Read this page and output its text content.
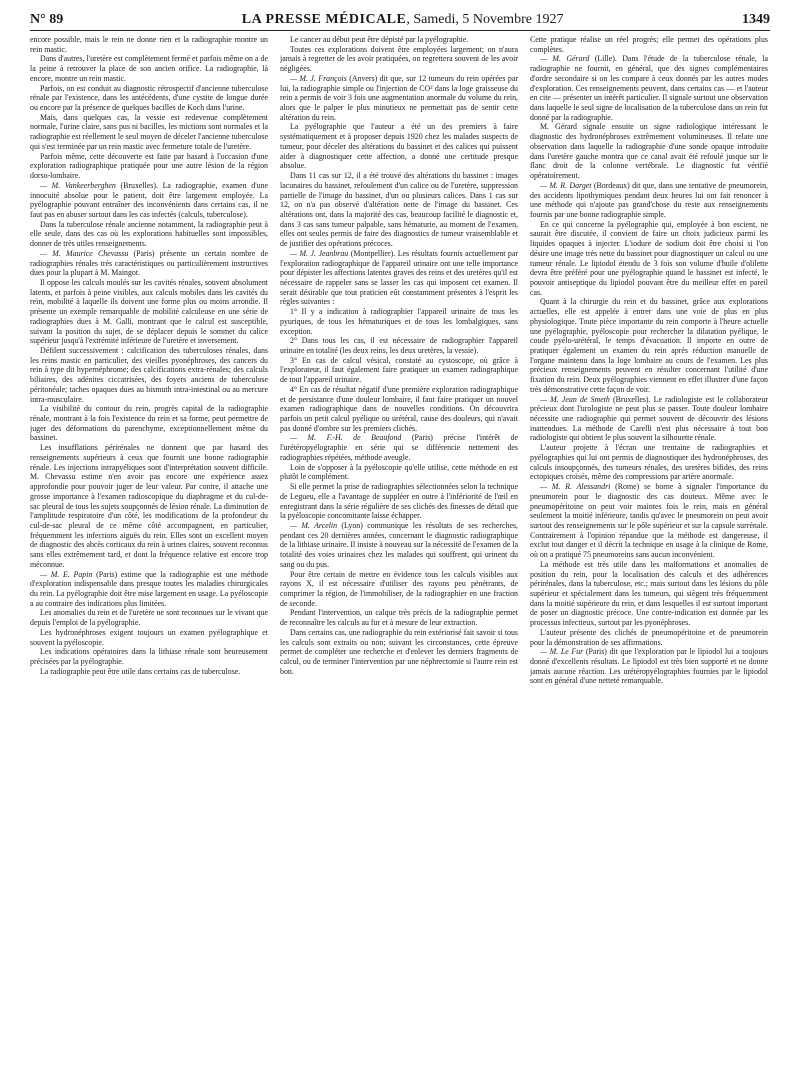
N° 89	LA PRESSE MÉDICALE, Samedi, 5 Novembre 1927	1349

encore possible, mais le rein ne donne rien et la radiographie montre un rein mastic.

Dans d'autres, l'uretère est complètement fermé et parfois même on a de la peine à retrouver la place de son ancien orifice. La radiographie, là encore, montre un rein mastic.

Parfois, on est conduit au diagnostic rétrospectif d'ancienne tuberculose rénale par l'existence, dans les antécédents, d'une cystite de longue durée ou encore par la présence de quelques bacilles de Koch dans l'urine.

Mais, dans quelques cas, la vessie est redevenue complètement normale, l'urine claire, sans pus ni bacilles, les mictions sont normales et la radiographie est réellement le seul moyen de déceler l'ancienne tuberculose qui s'est terminée par un rein mastic avec fermeture totale de l'uretère.

Parfois même, cette découverte est faite par hasard à l'occasion d'une exploration radiographique pratiquée pour une autre lésion de la région dorso-lombaire.

— M. Vankeerberghen (Bruxelles). La radiographie, examen d'une innocuité absolue pour le patient, doit être largement employée. La pyélographie pouvant entraîner des inconvénients dans certains cas, il ne faut pas en abuser surtout dans les cas infectés (calculs, tuberculose).

Dans la tuberculose rénale ancienne notamment, la radiographie peut à elle seule, dans des cas où les explorations habituelles sont impossibles, donner de très utiles renseignements.

— M. Maurice Chevassu (Paris) présente un certain nombre de radiographies rénales très caractéristiques ou particulièrement instructives dues pour la plupart à M. Maingot.

Il oppose les calculs moulés sur les cavités rénales, souvent absolument latents, et parfois à peine visibles, aux calculs mobiles dans les cavités du rein, mobilité à laquelle ils doivent une forme plus ou moins arrondie. Il présente un exemple remarquable de mobilité calculeuse en une série de radiographies dues à M. Galli, montrant que le calcul est susceptible, suivant la position du sujet, de se déplacer depuis le sommet du calice supérieur jusqu'à l'extrémité inférieure de l'uretère et inversement.

Défilent successivement : calcification des tuberculoses rénales, dans les reins mastic en particulier, des vieilles pyonéphroses, des cancers du rein à type dit hypernéphrome; des calcifications extra-rénales; des calculs biliaires, des adénites ciccatrisées, des foyers anciens de tuberculose péritonéale; taches opaques dues au bismuth intra-intestinal ou au mercure intra-musculaire.

La visibilité du contour du rein, progrès capital de la radiographie rénale, montrant à la fois l'existence du rein et sa forme, peut permettre de juger des déformations du parenchyme, exceptionnellement même du bassinet.

Les insufflations périrénales ne donnent que par hasard des renseignements supérieurs à ceux que fournit une bonne radiographie rénale. Les injections intrapyéliques sont d'interprétation souvent difficile. M. Chevassu estime n'en avoir pas encore une expérience assez approfondie pour pouvoir juger de leur valeur. Par contre, il attache une grosse importance à l'examen radioscopique du diaphragme et du cul-de-sac pleural de tous les sujets soupçonnés de lésion rénale. La diminution de l'amplitude respiratoire d'un côté, les modifications de la profondeur du cul-de-sac pleural de ce même côté accompagnent, en particulier, fréquemment les infections aiguës du rein. Elles sont un excellent moyen de diagnostic des abcès corticaux du rein à urines claires, souvent reconnus sans elles extrêmement tard, et dont la fréquence relative est encore trop méconnue.

— M. E. Papin (Paris) estime que la radiographie est une méthode d'exploration indispensable dans presque toutes les maladies chirurgicales du rein. La pyélographie doit être mise largement en usage. La pyéloscopie a au contraire des indications plus limitées.

Les anomalies du rein et de l'uretère ne sont reconnues sur le vivant que depuis l'emploi de la pyélographie.

Les hydronéphroses exigent toujours un examen pyélographique et souvent la pyéloscopie.

Les indications opératoires dans la lithiase rénale sont heureusement précisées par la pyélographie.

La radiographie peut être utile dans certains cas de tuberculose.

Le cancer au début peut être dépisté par la pyélographie.

Toutes ces explorations doivent être employées largement; on n'aura jamais à regretter de les avoir pratiquées, on regrettera souvent de les avoir négligées.

— M. J. François (Anvers) dit que, sur 12 tumeurs du rein opérées par lui, la radiographie simple ou l'injection de CO² dans la loge graisseuse du rein a permis de voir 3 fois une augmentation anormale du volume du rein, alors que le palper le plus minutieux ne permettait pas de sentir cette altération du rein.

La pyélographie que l'auteur a été un des premiers à faire systématiquement et à proposer depuis 1920 chez les malades suspects de tumeur, pour déceler des altérations du bassinet et des calices qui puissent aider à diagnostiquer cette affection, a donné une certitude presque absolue.

Dans 11 cas sur 12, il a été trouvé des altérations du bassinet : images lacunaires du bassinet, refoulement d'un calice ou de l'uretère, suppression partielle de l'image du bassinet, d'un ou plusieurs calices. Dans 1 cas sur 12, on n'a pas observé d'altération nette de l'image du bassinet. Ces altérations ont, dans la majorité des cas, beaucoup facilité le diagnostic et, dans 3 cas sans tumeur palpable, sans hématurie, au moment de l'examen, elles ont seules permis de faire des diagnostics de tumeur vraisemblable et de justifier des opérations précoces.

— M. J. Jeanbrau (Montpellier). Les résultats fournis actuellement par l'exploration radiographique de l'appareil urinaire ont une telle importance pour dépister les affections latentes graves des reins et des uretères qu'il est nécessaire de rappeler sans se lasser les cas qui imposent cet examen. Il serait désirable que tout praticien eût constamment présentes à l'esprit les règles suivantes :

1° Il y a indication à radiographier l'appareil urinaire de tous les pyuriques, de tous les hématuriques et de tous les lombalgiques, sans exception.

2° Dans tous les cas, il est nécessaire de radiographier l'appareil urinaire en totalité (les deux reins, les deux uretères, la vessie).

3° En cas de calcul vésical, constaté au cystoscope, où grâce à l'explorateur, il faut également faire pratiquer un examen radiographique de tout l'appareil urinaire.

4° En cas de résultat négatif d'une première exploration radiographique et de persistance d'une douleur lombaire, il faut faire pratiquer un nouvel examen radiographique dans de nouvelles conditions. On découvrira parfois un petit calcul pyélique ou urétéral, cause des douleurs, qui n'avait pas donné d'ombre sur les premiers clichés.

— M. F.-H. de Beaufond (Paris) précise l'intérêt de l'urétéropyélographie en série qui se différencie nettement des radiographies répétées, méthode aveugle.

Loin de s'opposer à la pyéloscopie qu'elle utilise, cette méthode en est plutôt le complément.

Si elle permet la prise de radiographies sélectionnées selon la technique de Legueu, elle a l'avantage de suppléer en outre à l'infériorité de l'œil en enregistrant dans la série régulière de ses clichés des finesses de détail que la pyéloscopie concomitante laisse échapper.

— M. Arcelin (Lyon) communique les résultats de ses recherches, pendant ces 20 dernières années, concernant le diagnostic radiographique de la lithiase urinaire. Il insiste à nouveau sur la nécessité de l'examen de la totalité des voies urinaires chez les malades qui souffrent, qui urinent du sang ou du pus.

Pour être certain de mettre en évidence tous les calculs visibles aux rayons X, il est nécessaire d'utiliser des rayons peu pénétrants, de comprimer la région, de l'immobiliser, de la radiographier en une fraction de seconde.

Pendant l'intervention, un calque très précis de la radiographie permet de reconnaître les calculs au fur et à mesure de leur extraction.

Dans certains cas, une radiographie du rein extériorisé fait savoir si tous les calculs sont extraits ou non; suivant les circonstances, cette épreuve permet de compléter une recherche et d'enlever les derniers fragments de calcul, ou de terminer l'intervention par une néphrectomie si l'autre rein est bon.

Cette pratique réalise un réel progrès; elle permet des opérations plus complètes.

— M. Gérard (Lille). Dans l'étude de la tuberculose rénale, la radiographie ne fournit, en général, que des signes complémentaires d'ordre secondaire si on les compare à ceux donnés par les autres modes d'exploration. Ces renseignements peuvent, dans certains cas — et l'auteur en cite — présenter un intérêt particulier. Il signale surtout une observation dans laquelle le seul signe de localisation de la tuberculose dans un rein fut donné par la radiographie.

M. Gérard signale ensuite un signe radiologique intéressant le diagnostic des hydronéphroses extrêmement volumineuses. Il relate une observation dans laquelle la radiographie d'une sonde opaque introduite dans l'uretère gauche montra que ce canal avait été refoulé jusque sur le flanc droit de la colonne vertébrale. Le diagnostic fut vérifié opératoirement.

— M. R. Darget (Bordeaux) dit que, dans une tentative de pneumorein, des accidents lipothymiques pendant deux heures lui ont fait renoncer à une méthode qui n'ajoute pas grand'chose du reste aux renseignements fournis par une bonne radiographie simple.

En ce qui concerne la pyélographie qui, employée à bon escient, ne saurait être discutée, il convient de faire un choix judicieux parmi les liquides opaques à injecter. L'iodure de sodium doit être choisi si l'on désire une image très nette du bassinet pour diagnostiquer un calcul ou une tumeur rénale. Le lipiodol étendu de 3 fois son volume d'huile d'olilette devra être préféré pour une pyélographie quand le bassinet est infecté, le pouvoir antiseptique du lipiodol pouvant être du meilleur effet en pareil cas.

Quant à la chirurgie du rein et du bassinet, grâce aux explorations actuelles, elle est appelée à entrer dans une voie de plus en plus physiologique. Toute pièce importante du rein comporte à l'heure actuelle une pyélographie, pyéloscopie pour rechercher la dilatation pyélique, le coude pyélo-urétéral, le temps d'évacuation. Il importe en outre de pratiquer également un examen du rein après réduction manuelle de l'organe maintenu dans la loge lombaire au cours de l'examen. Les plus précieux renseignements peuvent en résulter concernant l'utilité d'une fixation du rein. Deux pyélographies viennent en effet illustrer d'une façon très démonstrative cette façon de voir.

— M. Jean de Smeth (Bruxelles). Le radiologiste est le collaborateur précieux dont l'urologiste ne peut plus se passer. Toute douleur lombaire nécessite une radiographie qui permet souvent de découvrir des lésions inattendues. La méthode de Carelli n'est plus nécessaire à tout bon radiologiste qui obtient le plus souvent la silhouette rénale.

L'auteur projette à l'écran une trentaine de radiographies et pyélographies qui lui ont permis de diagnostiquer des hydronéphroses, des calculs insoupçonnés, des tumeurs rénales, des uretères bifides, des reins ectopiques croisés, même des compressions par artère anormale.

— M. R. Alessandri (Rome) se borne à signaler l'importance du pneumorein pour le diagnostic des cas douteux. Même avec le pneumopéritoine on peut voir maintes fois le rein, mais en général seulement la moitié inférieure, tandis qu'avec le pneumorein on peut avoir surtout des renseignements sur le pôle supérieur et sur la capsule surrénale. Contrairement à l'opinion répandue que la méthode est dangereuse, il exclut tout danger et il décrit la technique en usage à la clinique de Rome, où on a pratiqué 75 pneumoreins sans aucun inconvénient.

La méthode est très utile dans les malformations et anomalies de position du rein, pour la localisation des calculs et des adhérences périrénales, dans la tuberculose, etc.; mais surtout dans les lésions du pôle supérieur et spécialement dans les tumeurs, qui siègent très fréquemment dans la moitié supérieure du rein, et dans lesquelles il est surtout important de poser un diagnostic précoce. Une contre-indication est donnée par les processus infectieux, surtout par les pyonéphroses.

L'auteur présente des clichés de pneumopéritoine et de pneumorein pour la démonstration de ses affirmations.

— M. Le Fur (Paris) dit que l'exploration par le lipiodol lui a toujours donné d'excellents résultats. Le lipiodol est très bien supporté et ne donne jamais aucune réaction. Les urétéropyélographies fournies par le lipiodol sont en général d'une netteté remarquable.
